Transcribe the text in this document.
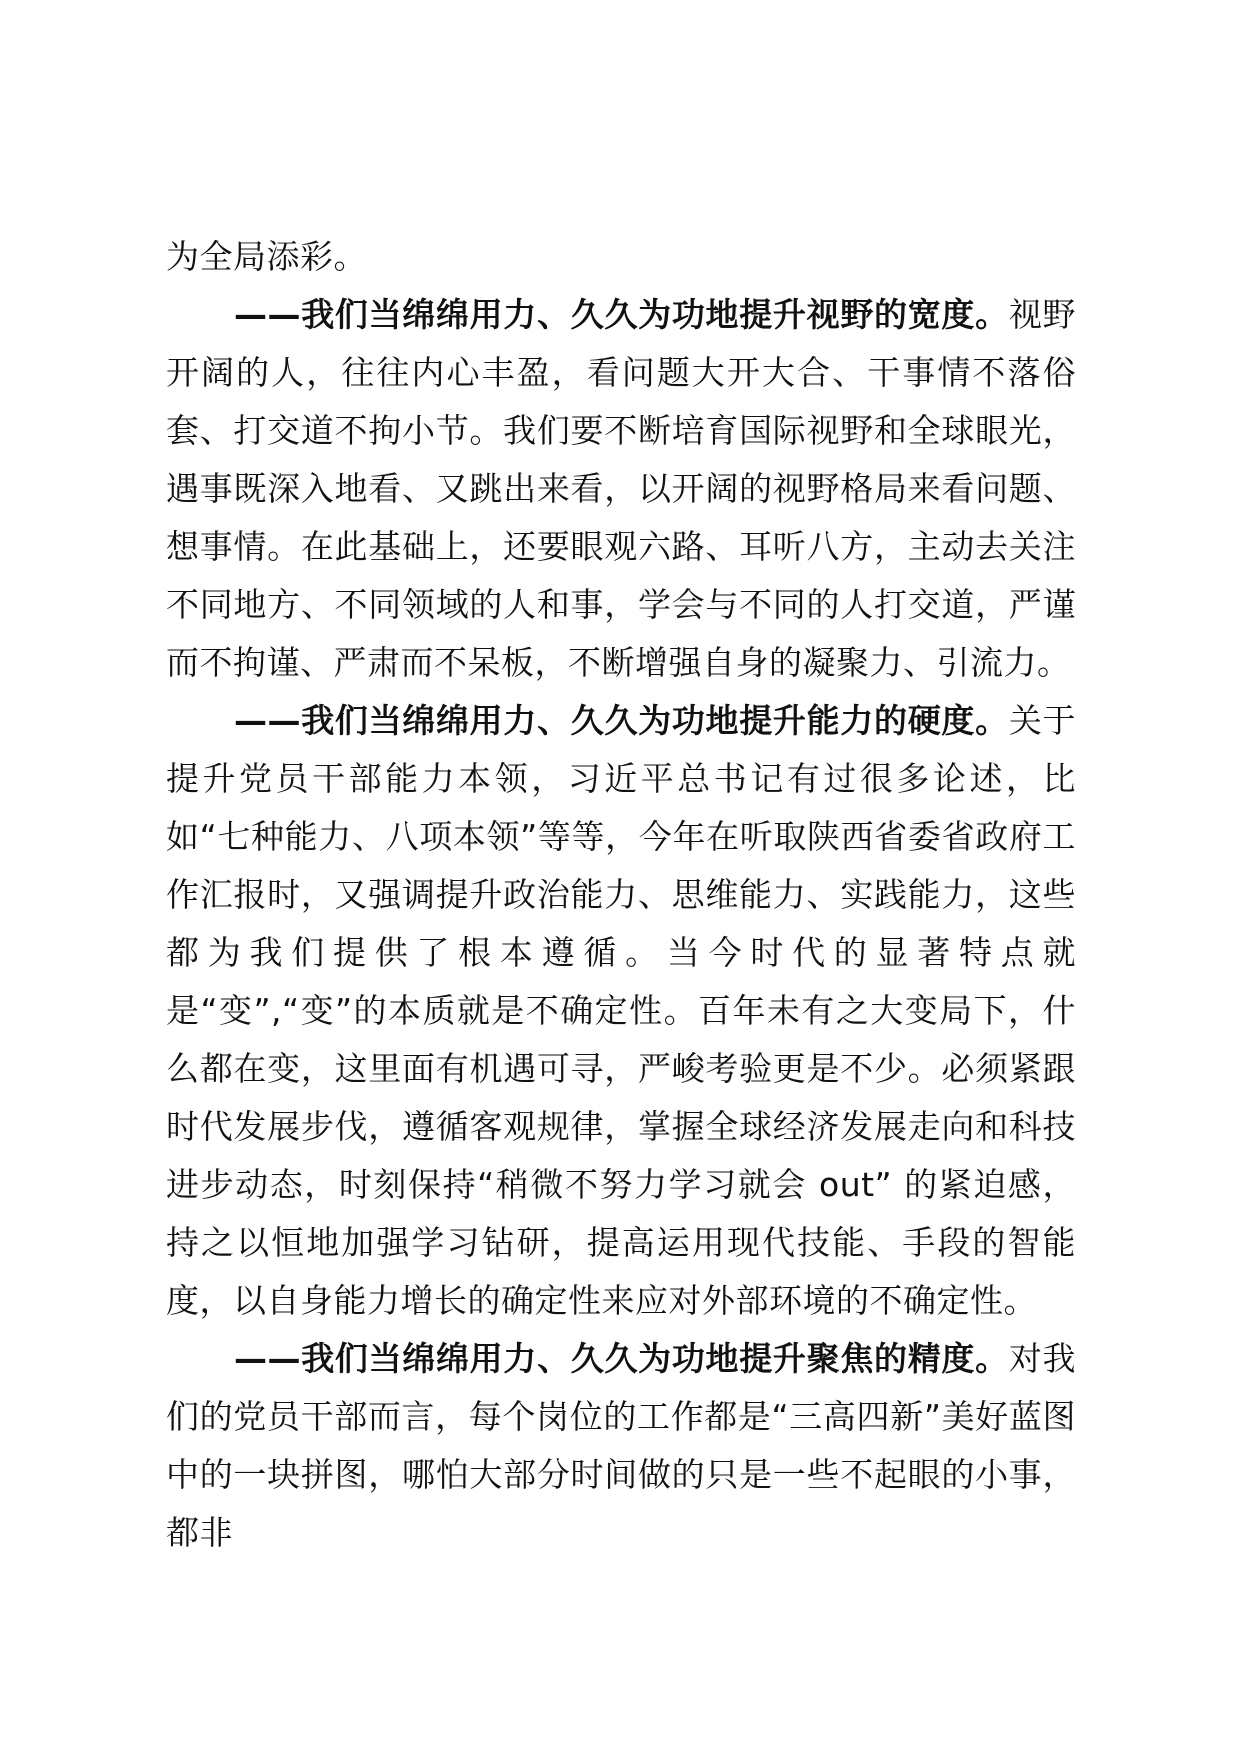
为全局添彩。

——我们当绵绵用力、久久为功地提升视野的宽度。视野开阔的人，往往内心丰盈，看问题大开大合、干事情不落俗套、打交道不拘小节。我们要不断培育国际视野和全球眼光，遇事既深入地看、又跳出来看，以开阔的视野格局来看问题、想事情。在此基础上，还要眼观六路、耳听八方，主动去关注不同地方、不同领域的人和事，学会与不同的人打交道，严谨而不拘谨、严肃而不呆板，不断增强自身的凝聚力、引流力。

——我们当绵绵用力、久久为功地提升能力的硬度。关于提升党员干部能力本领，习近平总书记有过很多论述，比如“七种能力、八项本领”等等，今年在听取陕西省委省政府工作汇报时，又强调提升政治能力、思维能力、实践能力，这些都为我们提供了根本遵循。当今时代的显著特点就是“变”,“变”的本质就是不确定性。百年未有之大变局下，什么都在变，这里面有机遇可寻，严峻考验更是不少。必须紧跟时代发展步伐，遵循客观规律，掌握全球经济发展走向和科技进步动态，时刻保持“稍微不努力学习就会 out” 的紧迫感，持之以恒地加强学习钻研，提高运用现代技能、手段的智能度，以自身能力增长的确定性来应对外部环境的不确定性。

——我们当绵绵用力、久久为功地提升聚焦的精度。对我们的党员干部而言，每个岗位的工作都是“三高四新”美好蓝图中的一块拼图，哪怕大部分时间做的只是一些不起眼的小事，都非
